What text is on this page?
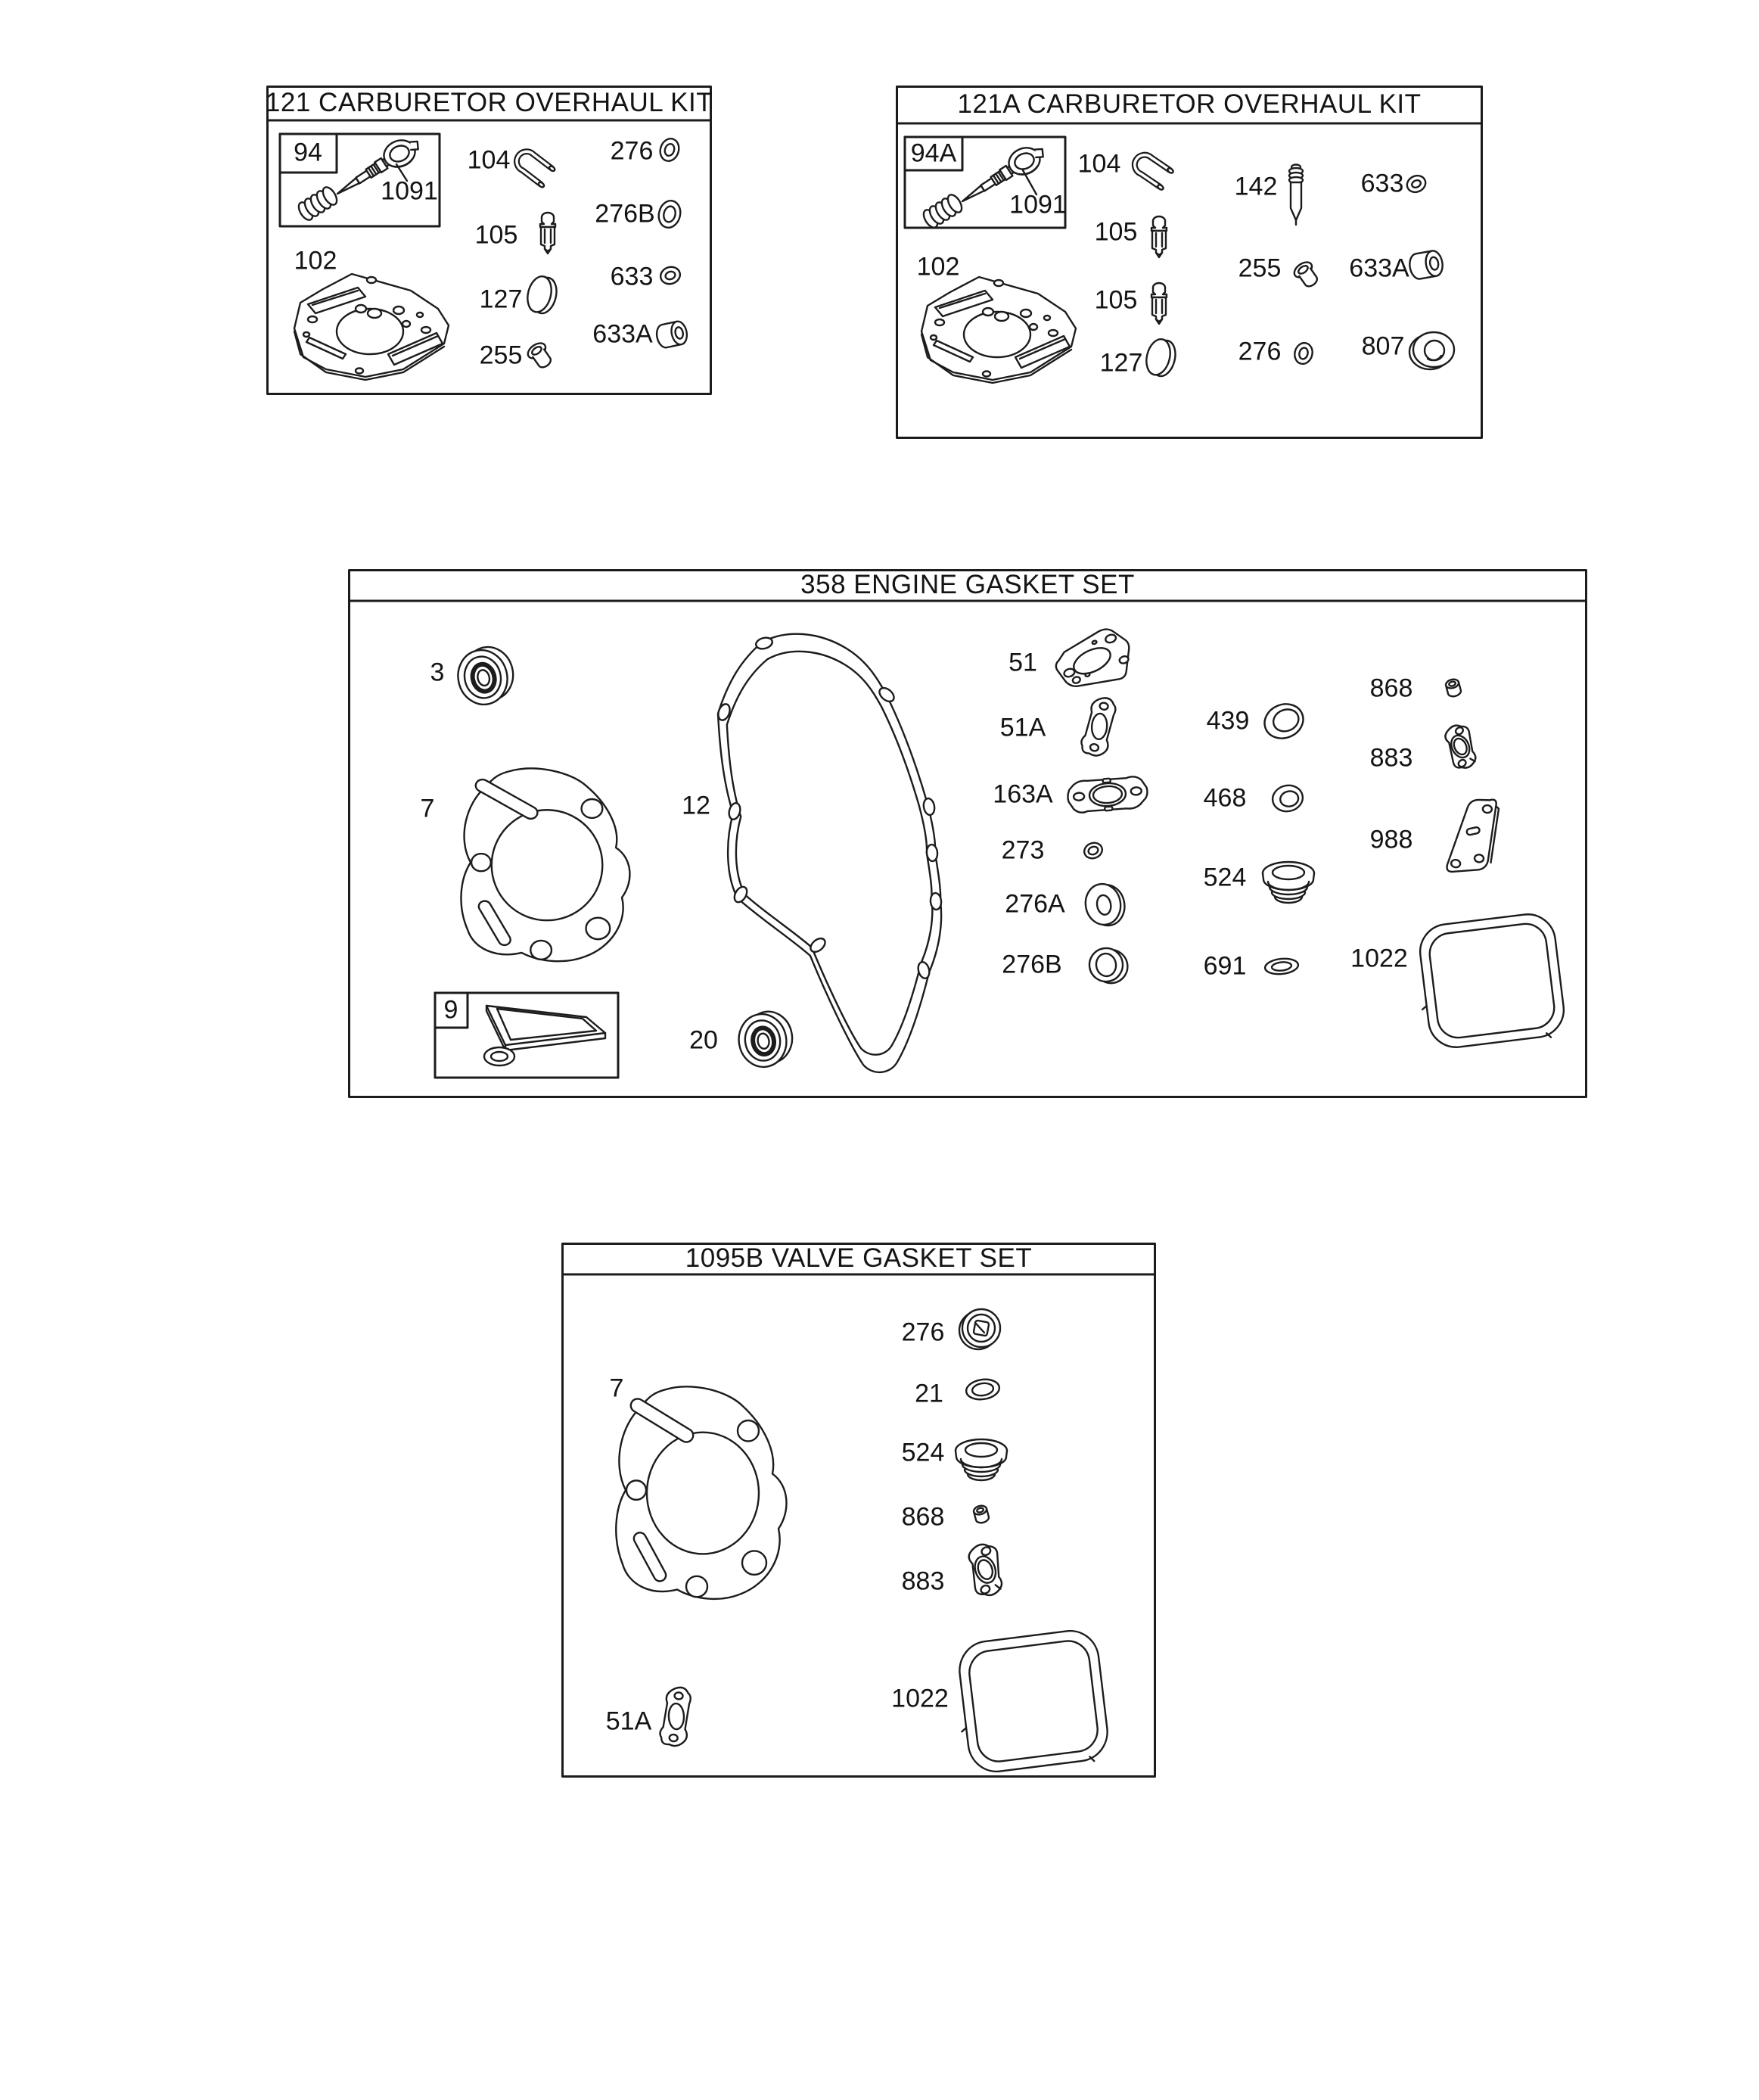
121 CARBURETOR OVERHAUL KIT
94
1091
102
104
105
127
255
276
276B
633
633A
121A CARBURETOR OVERHAUL KIT
94A
1091
102
104
105
105
127
142
255
276
633
633A
807
358 ENGINE GASKET SET
3
7
9
12
20
51
51A
163A
273
276A
276B
439
468
524
691
868
883
988
1022
1095B VALVE GASKET SET
7
51A
276
21
524
868
883
1022
